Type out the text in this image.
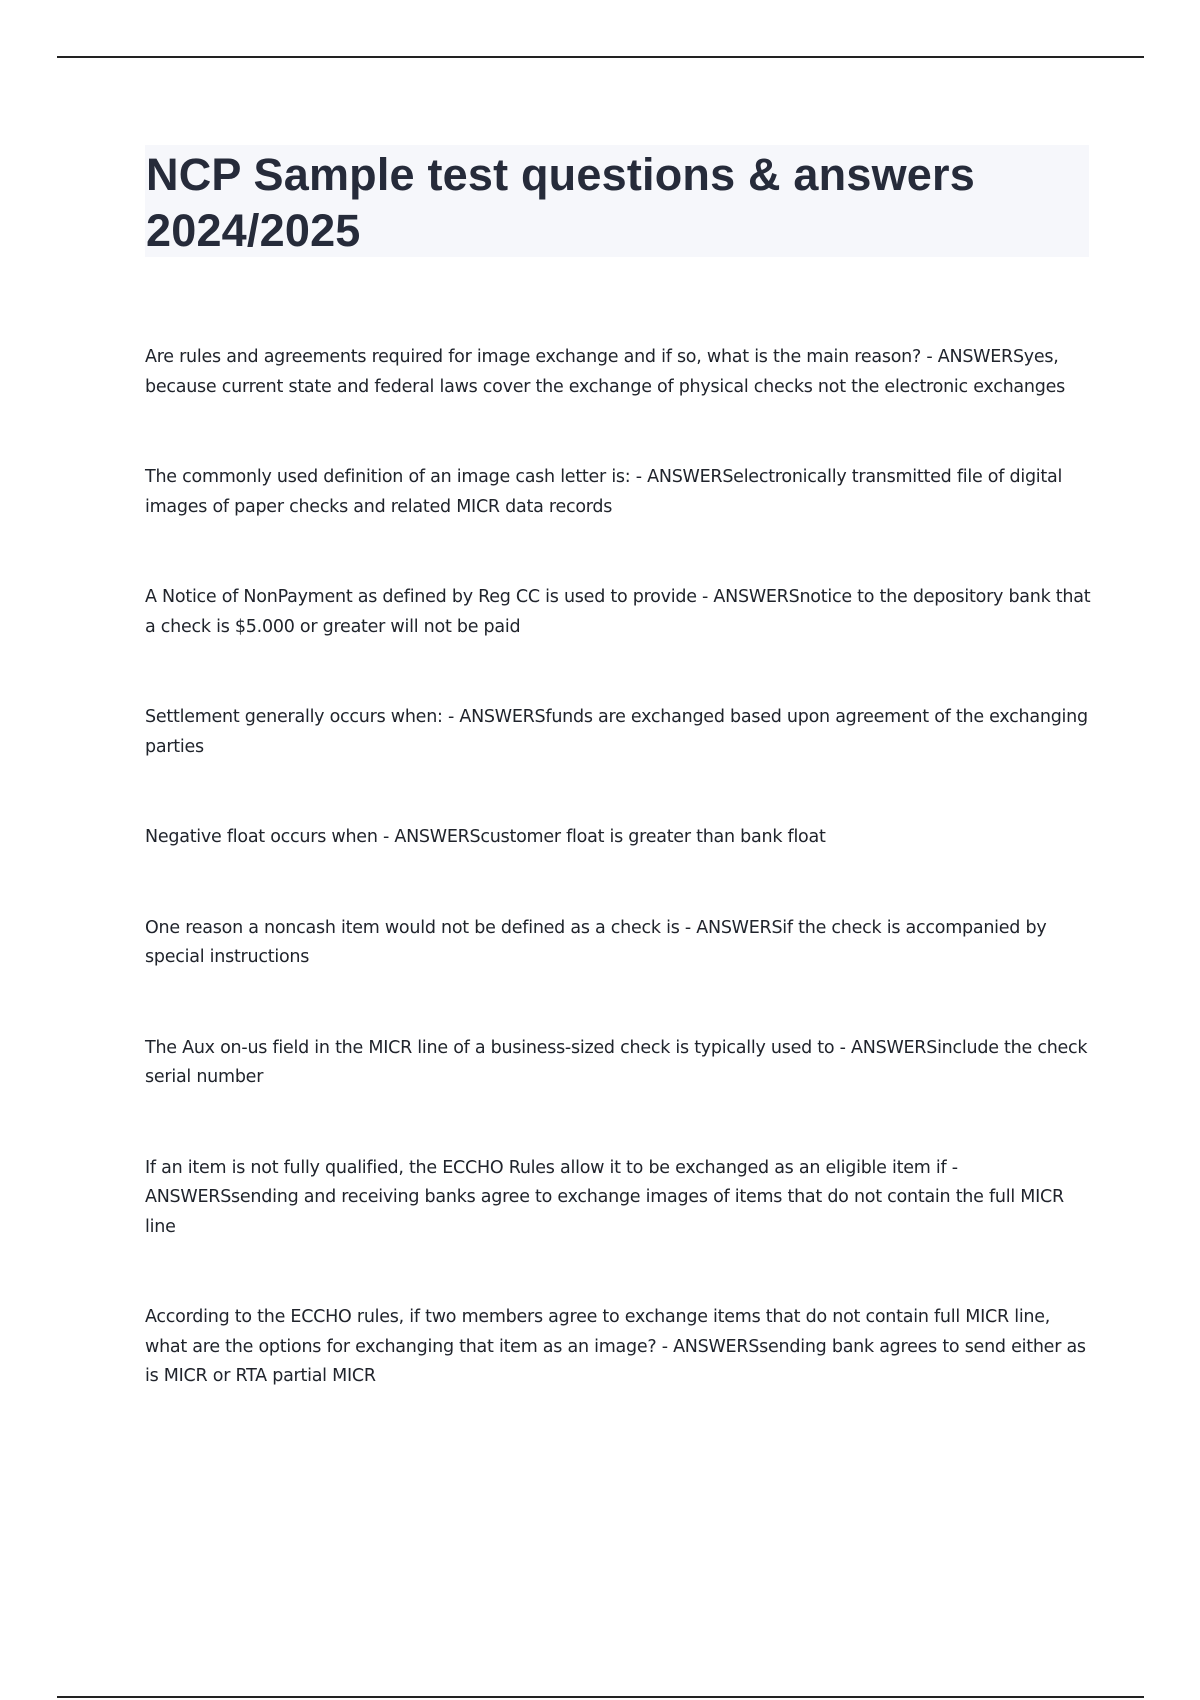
NCP Sample test questions & answers 2024/2025
Are rules and agreements required for image exchange and if so, what is the main reason? - ANSWERSyes, because current state and federal laws cover the exchange of physical checks not the electronic exchanges
The commonly used definition of an image cash letter is: - ANSWERSelectronically transmitted file of digital images of paper checks and related MICR data records
A Notice of NonPayment as defined by Reg CC is used to provide - ANSWERSnotice to the depository bank that a check is $5.000 or greater will not be paid
Settlement generally occurs when: - ANSWERSfunds are exchanged based upon agreement of the exchanging parties
Negative float occurs when - ANSWERScustomer float is greater than bank float
One reason a noncash item would not be defined as a check is - ANSWERSif the check is accompanied by special instructions
The Aux on-us field in the MICR line of a business-sized check is typically used to - ANSWERSinclude the check serial number
If an item is not fully qualified, the ECCHO Rules allow it to be exchanged as an eligible item if - ANSWERSsending and receiving banks agree to exchange images of items that do not contain the full MICR line
According to the ECCHO rules, if two members agree to exchange items that do not contain full MICR line, what are the options for exchanging that item as an image? - ANSWERSsending bank agrees to send either as is MICR or RTA partial MICR
